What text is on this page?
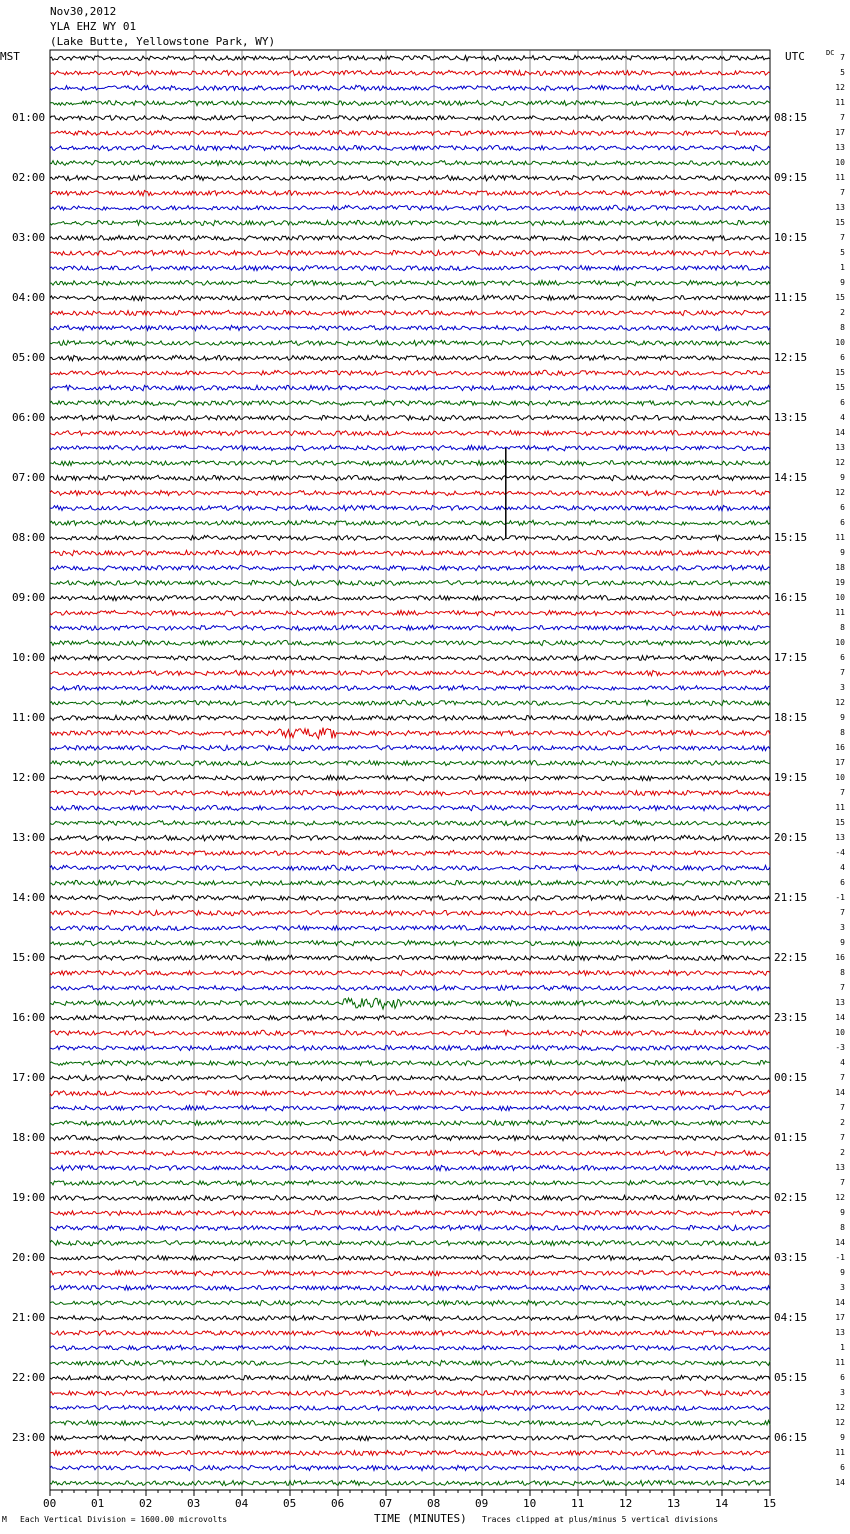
Nov30,2012
YLA EHZ WY 01
(Lake Butte, Yellowstone Park, WY)
MST	UTC	DC
01:00
02:00
03:00
04:00
05:00
06:00
07:00
08:00
09:00
10:00
11:00
12:00
13:00
14:00
15:00
16:00
17:00
18:00
19:00
20:00
21:00
22:00
23:00
08:15
09:15
10:15
11:15
12:15
13:15
14:15
15:15
16:15
17:15
18:15
19:15
20:15
21:15
22:15
23:15
00:15
01:15
02:15
03:15
04:15
05:15
06:15
7
5
12
11
7
17
13
10
11
7
13
15
7
5
1
9
15
2
8
10
6
15
15
6
4
14
13
12
9
12
6
6
11
9
18
19
10
11
8
10
6
7
3
12
9
8
16
17
10
7
11
15
13
-4
4
6
-1
7
3
9
16
8
7
13
14
10
-3
4
7
14
7
2
7
2
13
7
12
9
8
14
-1
9
3
14
17
13
1
11
6
3
12
12
9
11
6
14
00	01	02	03	04	05	06	07	08	09	10	11	12	13	14	15
M Each Vertical Division = 1600.00 microvolts	TIME (MINUTES) Traces clipped at plus/minus 5 vertical divisions
